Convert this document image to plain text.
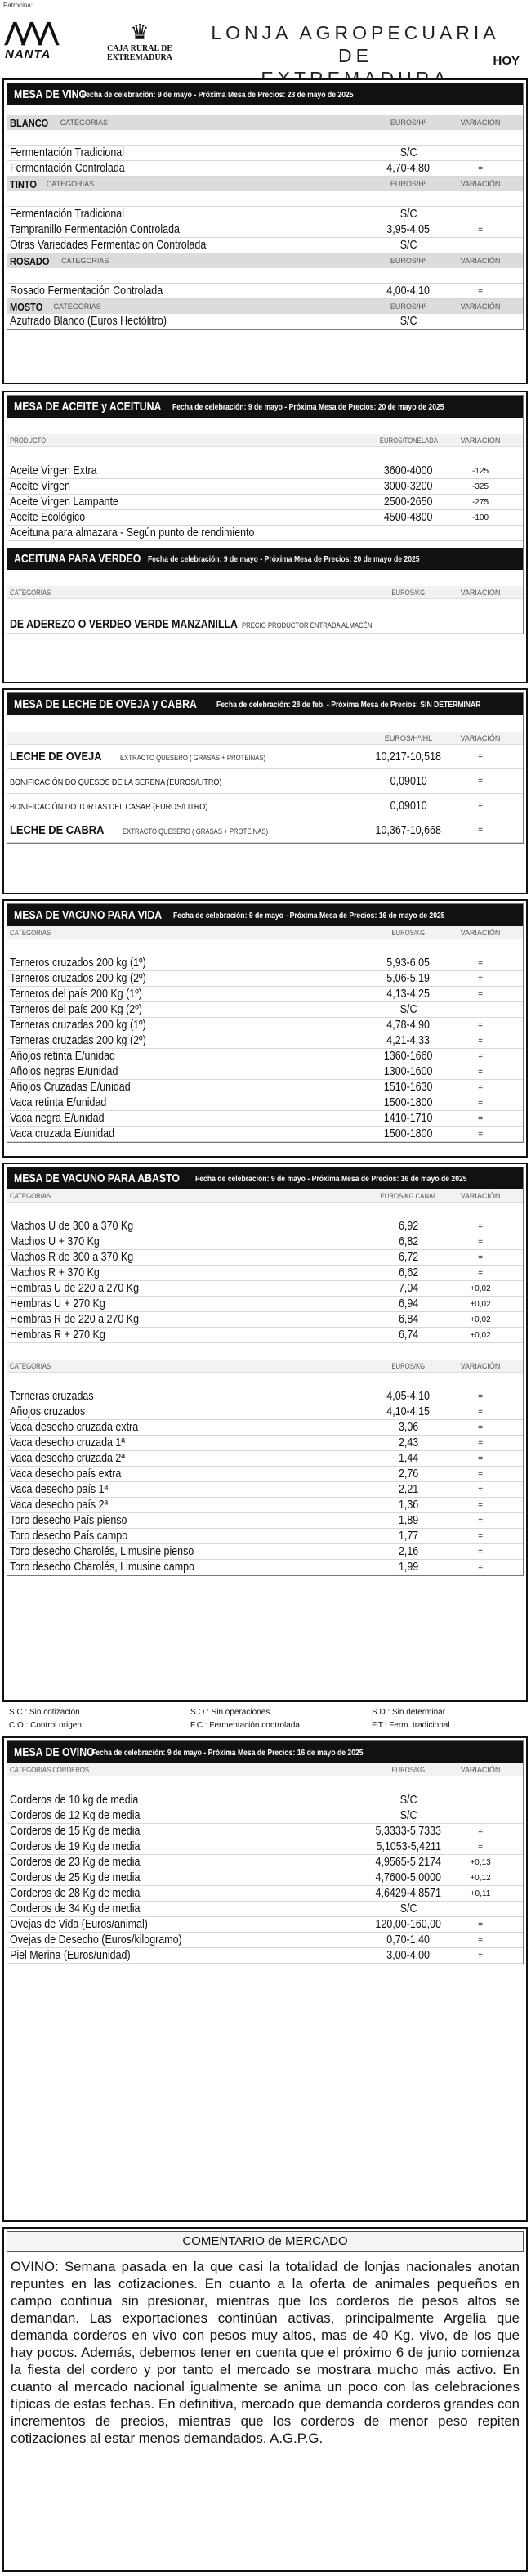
Patrocina:
⋀⋀⋀
NANTA
♛
CAJA RURAL DE EXTREMADURA
LONJA AGROPECUARIA DE	HOY
MESA DE VINO

Fecha de celebración: 9 de mayo - Próxima Mesa de Precios: 23 de mayo de 2025
BLANCO CATEGORIAS	EUROS/Hº	VARIACIÓN
Fermentación Tradicional	S/C
Fermentación Controlada	4,70-4,80	=
TINTO CATEGORIAS	EUROS/Hº	VARIACIÓN
Fermentación Tradicional	S/C
Tempranillo Fermentación Controlada	3,95-4,05	=
Otras Variedades Fermentación Controlada	S/C
ROSADO CATEGORIAS	EUROS/Hº	VARIACIÓN
Rosado Fermentación Controlada	4,00-4,10	=
MOSTO CATEGORIAS	EUROS/Hº	VARIACIÓN
Azufrado Blanco (Euros Hectólitro)	S/C
MESA DE ACEITE y ACEITUNA
Fecha de celebración: 9 de mayo - Próxima Mesa de Precios: 20 de mayo de 2025
PRODUCTO	EUROS/TONELADA	VARIACIÓN
Aceite Virgen Extra	3600-4000	-125
Aceite Virgen	3000-3200	-325
Aceite Virgen Lampante	2500-2650	-275
Aceite Ecológico	4500-4800	-100
Aceituna para almazara - Según punto de rendimiento
ACEITUNA PARA VERDEO
Fecha de celebración: 9 de mayo - Próxima Mesa de Precios: 20 de mayo de 2025
CATEGORIAS	EUROS/KG	VARIACIÓN
DE ADEREZO O VERDEO VERDE MANZANILLA PRECIO PRODUCTOR ENTRADA ALMACÉN
MESA DE LECHE DE OVEJA y CABRA
Fecha de celebración: 28 de feb. - Próxima Mesa de Precios: SIN DETERMINAR
EUROS/Hº/HL	VARIACIÓN
LECHE DE OVEJA EXTRACTO QUESERO ( GRASAS + PROTEINAS)	10,217-10,518	=
BONIFICACIÓN DO QUESOS DE LA SERENA (EUROS/LITRO)	0,09010	=
BONIFICACIÓN DO TORTAS DEL CASAR (EUROS/LITRO)	0,09010	=
LECHE DE CABRA	EXTRACTO QUESERO ( GRASAS + PROTEINAS)	10,367-10,668	=
MESA DE VACUNO PARA VIDA
Fecha de celebración: 9 de mayo - Próxima Mesa de Precios: 16 de mayo de 2025
CATEGORIAS	EUROS/KG	VARIACIÓN
Terneros cruzados 200 kg (1º)	5,93-6,05	=
Terneros cruzados 200 kg (2º)	5,06-5,19	=
Terneros del país 200 Kg (1º)	4,13-4,25	=
Terneros del país 200 Kg (2º)	S/C
Terneras cruzadas 200 kg (1º)	4,78-4,90	=
Terneras cruzadas 200 kg (2º)	4,21-4,33	=
Añojos retinta E/unidad	1360-1660	=
Añojos negras E/unidad	1300-1600	=
Añojos Cruzadas E/unidad	1510-1630	=
Vaca retinta E/unidad	1500-1800	=
Vaca negra E/unidad	1410-1710	=
Vaca cruzada E/unidad	1500-1800	=
MESA DE VACUNO PARA ABASTO
Fecha de celebración: 9 de mayo - Próxima Mesa de Precios: 16 de mayo de 2025
CATEGORIAS	EUROS/KG CANAL	VARIACIÓN
Machos U de 300 a 370 Kg	6,92	=
Machos U + 370 Kg	6,82	=
Machos R de 300 a 370 Kg	6,72	=
Machos R + 370 Kg	6,62	=
Hembras U de 220 a 270 Kg	7,04	+0,02
Hembras U + 270 Kg	6,94	+0,02
Hembras R de 220 a 270 Kg	6,84	+0,02
Hembras R + 270 Kg	6,74	+0,02
CATEGORIAS	EUROS/KG	VARIACIÓN
Terneras cruzadas	4,05-4,10	=
Añojos cruzados	4,10-4,15	=
Vaca desecho cruzada extra	3,06	=
Vaca desecho cruzada 1ª	2,43	=
Vaca desecho cruzada 2ª	1,44	=
Vaca desecho país extra	2,76	=
Vaca desecho país 1ª	2,21	=
Vaca desecho país 2ª	1,36	=
Toro desecho País pienso	1,89	=
Toro desecho País campo	1,77	=
Toro desecho Charolés, Limusine pienso	2,16	=
Toro desecho Charolés, Limusine campo	1,99	=
S.C.: Sin cotización	S.O.: Sin operaciones	S.D.: Sin determinar
C.O.: Control origen	F.C.: Fermentación controlada	F.T.: Ferm. tradicional
MESA DE OVINO

Fecha de celebración: 9 de mayo - Próxima Mesa de Precios: 16 de mayo de 2025
CATEGORIAS CORDEROS	EUROS/KG	VARIACIÓN
Corderos de 10 kg de media	S/C
Corderos de 12 Kg de media	S/C
Corderos de 15 Kg de media	5,3333-5,7333	=
Corderos de 19 Kg de media	5,1053-5,4211	=
Corderos de 23 Kg de media	4,9565-5,2174	+0,13
Corderos de 25 Kg de media	4,7600-5,0000	+0,12
Corderos de 28 Kg de media	4,6429-4,8571	+0,11
Corderos de 34 Kg de media	S/C
Ovejas de Vida (Euros/animal)	120,00-160,00	=
Ovejas de Desecho (Euros/kilogramo)	0,70-1,40	=
Piel Merina (Euros/unidad)	3,00-4,00	=
COMENTARIO de MERCADO
OVINO: Semana pasada en la que casi la totalidad de lonjas nacionales anotan repuntes en las cotizaciones. En cuanto a la oferta de animales pequeños en campo continua sin presionar, mientras que los corderos de pesos altos se demandan. Las exportaciones continúan activas, principalmente Argelia que demanda corderos en vivo con pesos muy altos, mas de 40 Kg. vivo, de los que hay pocos. Además, debemos tener en cuenta que el próximo 6 de junio comienza la fiesta del cordero y por tanto el mercado se mostrara mucho más activo. En cuanto al mercado nacional igualmente se anima un poco con las celebraciones típicas de estas fechas. En definitiva, mercado que demanda corderos grandes con incrementos de precios, mientras que los corderos de menor peso repiten cotizaciones al estar menos demandados. A.G.P.G.
